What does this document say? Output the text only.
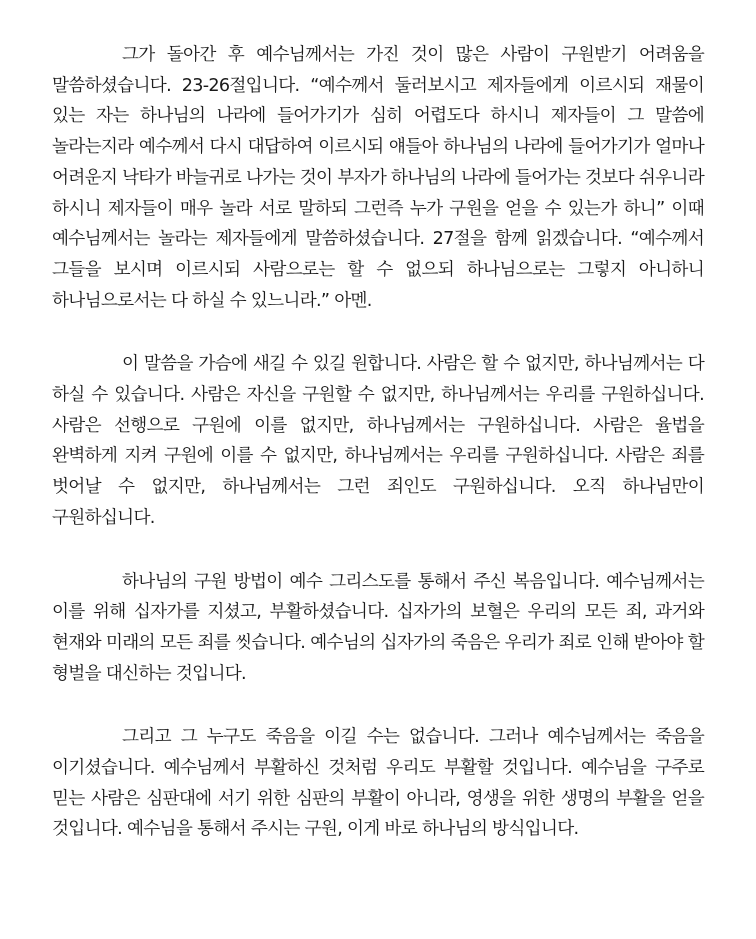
그가 돌아간 후 예수님께서는 가진 것이 많은 사람이 구원받기 어려움을 말씀하셨습니다. 23-26절입니다. “예수께서 둘러보시고 제자들에게 이르시되 재물이 있는 자는 하나님의 나라에 들어가기가 심히 어렵도다 하시니 제자들이 그 말씀에 놀라는지라 예수께서 다시 대답하여 이르시되 얘들아 하나님의 나라에 들어가기가 얼마나 어려운지 낙타가 바늘귀로 나가는 것이 부자가 하나님의 나라에 들어가는 것보다 쉬우니라 하시니 제자들이 매우 놀라 서로 말하되 그런즉 누가 구원을 얻을 수 있는가 하니” 이때 예수님께서는 놀라는 제자들에게 말씀하셨습니다. 27절을 함께 읽겠습니다. “예수께서 그들을 보시며 이르시되 사람으로는 할 수 없으되 하나님으로는 그렇지 아니하니 하나님으로서는 다 하실 수 있느니라.” 아멘.

이 말씀을 가슴에 새길 수 있길 원합니다. 사람은 할 수 없지만, 하나님께서는 다 하실 수 있습니다. 사람은 자신을 구원할 수 없지만, 하나님께서는 우리를 구원하십니다. 사람은 선행으로 구원에 이를 없지만, 하나님께서는 구원하십니다. 사람은 율법을 완벽하게 지켜 구원에 이를 수 없지만, 하나님께서는 우리를 구원하십니다. 사람은 죄를 벗어날 수 없지만, 하나님께서는 그런 죄인도 구원하십니다. 오직 하나님만이 구원하십니다.

하나님의 구원 방법이 예수 그리스도를 통해서 주신 복음입니다. 예수님께서는 이를 위해 십자가를 지셨고, 부활하셨습니다. 십자가의 보혈은 우리의 모든 죄, 과거와 현재와 미래의 모든 죄를 씻습니다. 예수님의 십자가의 죽음은 우리가 죄로 인해 받아야 할 형벌을 대신하는 것입니다.

그리고 그 누구도 죽음을 이길 수는 없습니다. 그러나 예수님께서는 죽음을 이기셨습니다. 예수님께서 부활하신 것처럼 우리도 부활할 것입니다. 예수님을 구주로 믿는 사람은 심판대에 서기 위한 심판의 부활이 아니라, 영생을 위한 생명의 부활을 얻을 것입니다. 예수님을 통해서 주시는 구원, 이게 바로 하나님의 방식입니다.
